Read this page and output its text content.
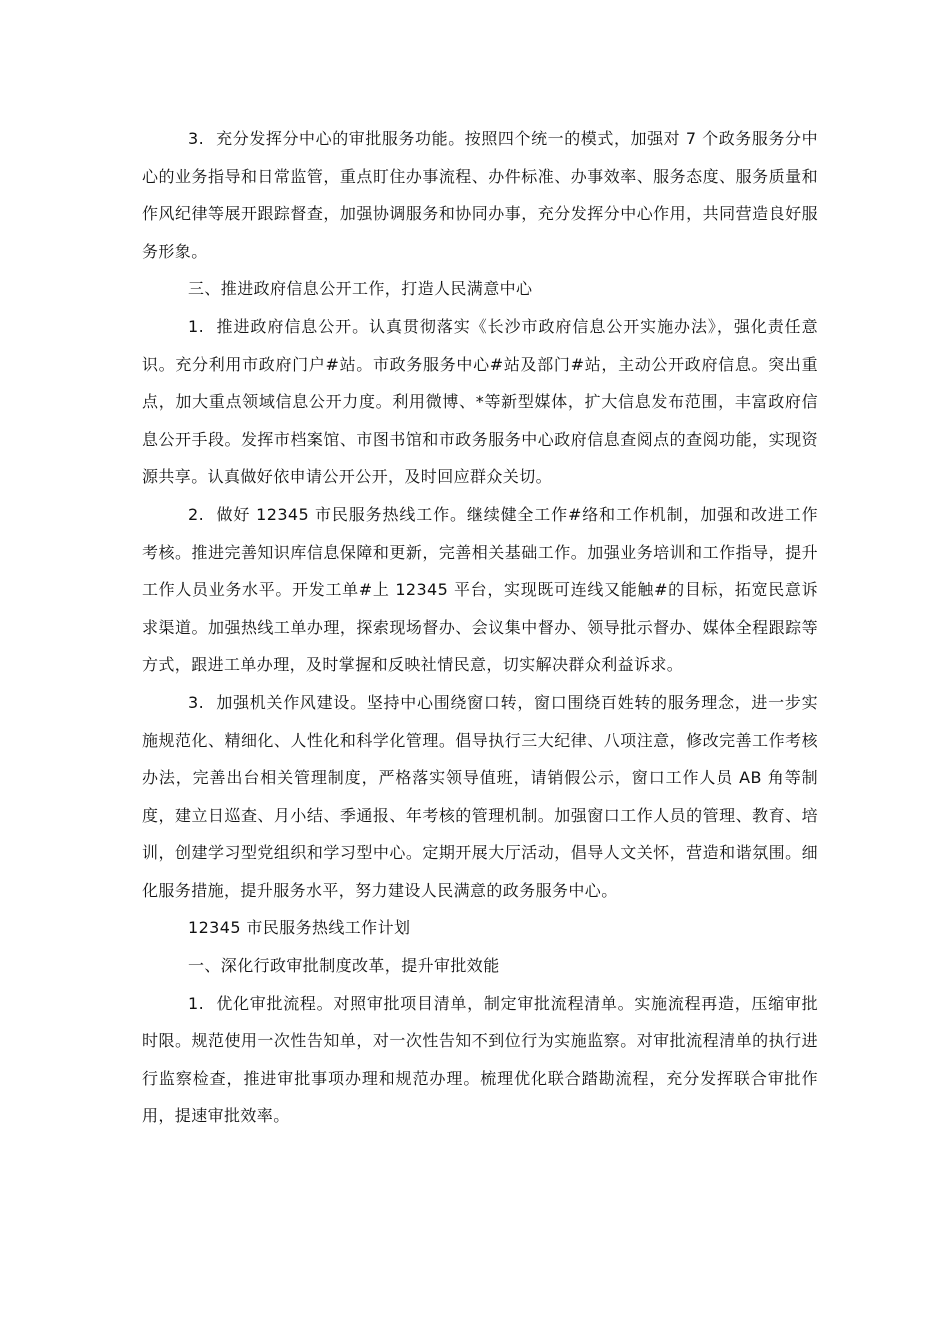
3. 充分发挥分中心的审批服务功能。按照四个统一的模式，加强对 7 个政务服务分中心的业务指导和日常监管，重点盯住办事流程、办件标准、办事效率、服务态度、服务质量和作风纪律等展开跟踪督查，加强协调服务和协同办事，充分发挥分中心作用，共同营造良好服务形象。

三、推进政府信息公开工作，打造人民满意中心

1. 推进政府信息公开。认真贯彻落实《长沙市政府信息公开实施办法》，强化责任意识。充分利用市政府门户#站。市政务服务中心#站及部门#站，主动公开政府信息。突出重点，加大重点领域信息公开力度。利用微博、*等新型媒体，扩大信息发布范围，丰富政府信息公开手段。发挥市档案馆、市图书馆和市政务服务中心政府信息查阅点的查阅功能，实现资源共享。认真做好依申请公开公开，及时回应群众关切。

2. 做好 12345 市民服务热线工作。继续健全工作#络和工作机制，加强和改进工作考核。推进完善知识库信息保障和更新，完善相关基础工作。加强业务培训和工作指导，提升工作人员业务水平。开发工单#上 12345 平台，实现既可连线又能触#的目标，拓宽民意诉求渠道。加强热线工单办理，探索现场督办、会议集中督办、领导批示督办、媒体全程跟踪等方式，跟进工单办理，及时掌握和反映社情民意，切实解决群众利益诉求。

3. 加强机关作风建设。坚持中心围绕窗口转，窗口围绕百姓转的服务理念，进一步实施规范化、精细化、人性化和科学化管理。倡导执行三大纪律、八项注意，修改完善工作考核办法，完善出台相关管理制度，严格落实领导值班，请销假公示，窗口工作人员 AB 角等制度，建立日巡查、月小结、季通报、年考核的管理机制。加强窗口工作人员的管理、教育、培训，创建学习型党组织和学习型中心。定期开展大厅活动，倡导人文关怀，营造和谐氛围。细化服务措施，提升服务水平，努力建设人民满意的政务服务中心。

12345 市民服务热线工作计划

一、深化行政审批制度改革，提升审批效能

1. 优化审批流程。对照审批项目清单，制定审批流程清单。实施流程再造，压缩审批时限。规范使用一次性告知单，对一次性告知不到位行为实施监察。对审批流程清单的执行进行监察检查，推进审批事项办理和规范办理。梳理优化联合踏勘流程，充分发挥联合审批作用，提速审批效率。
